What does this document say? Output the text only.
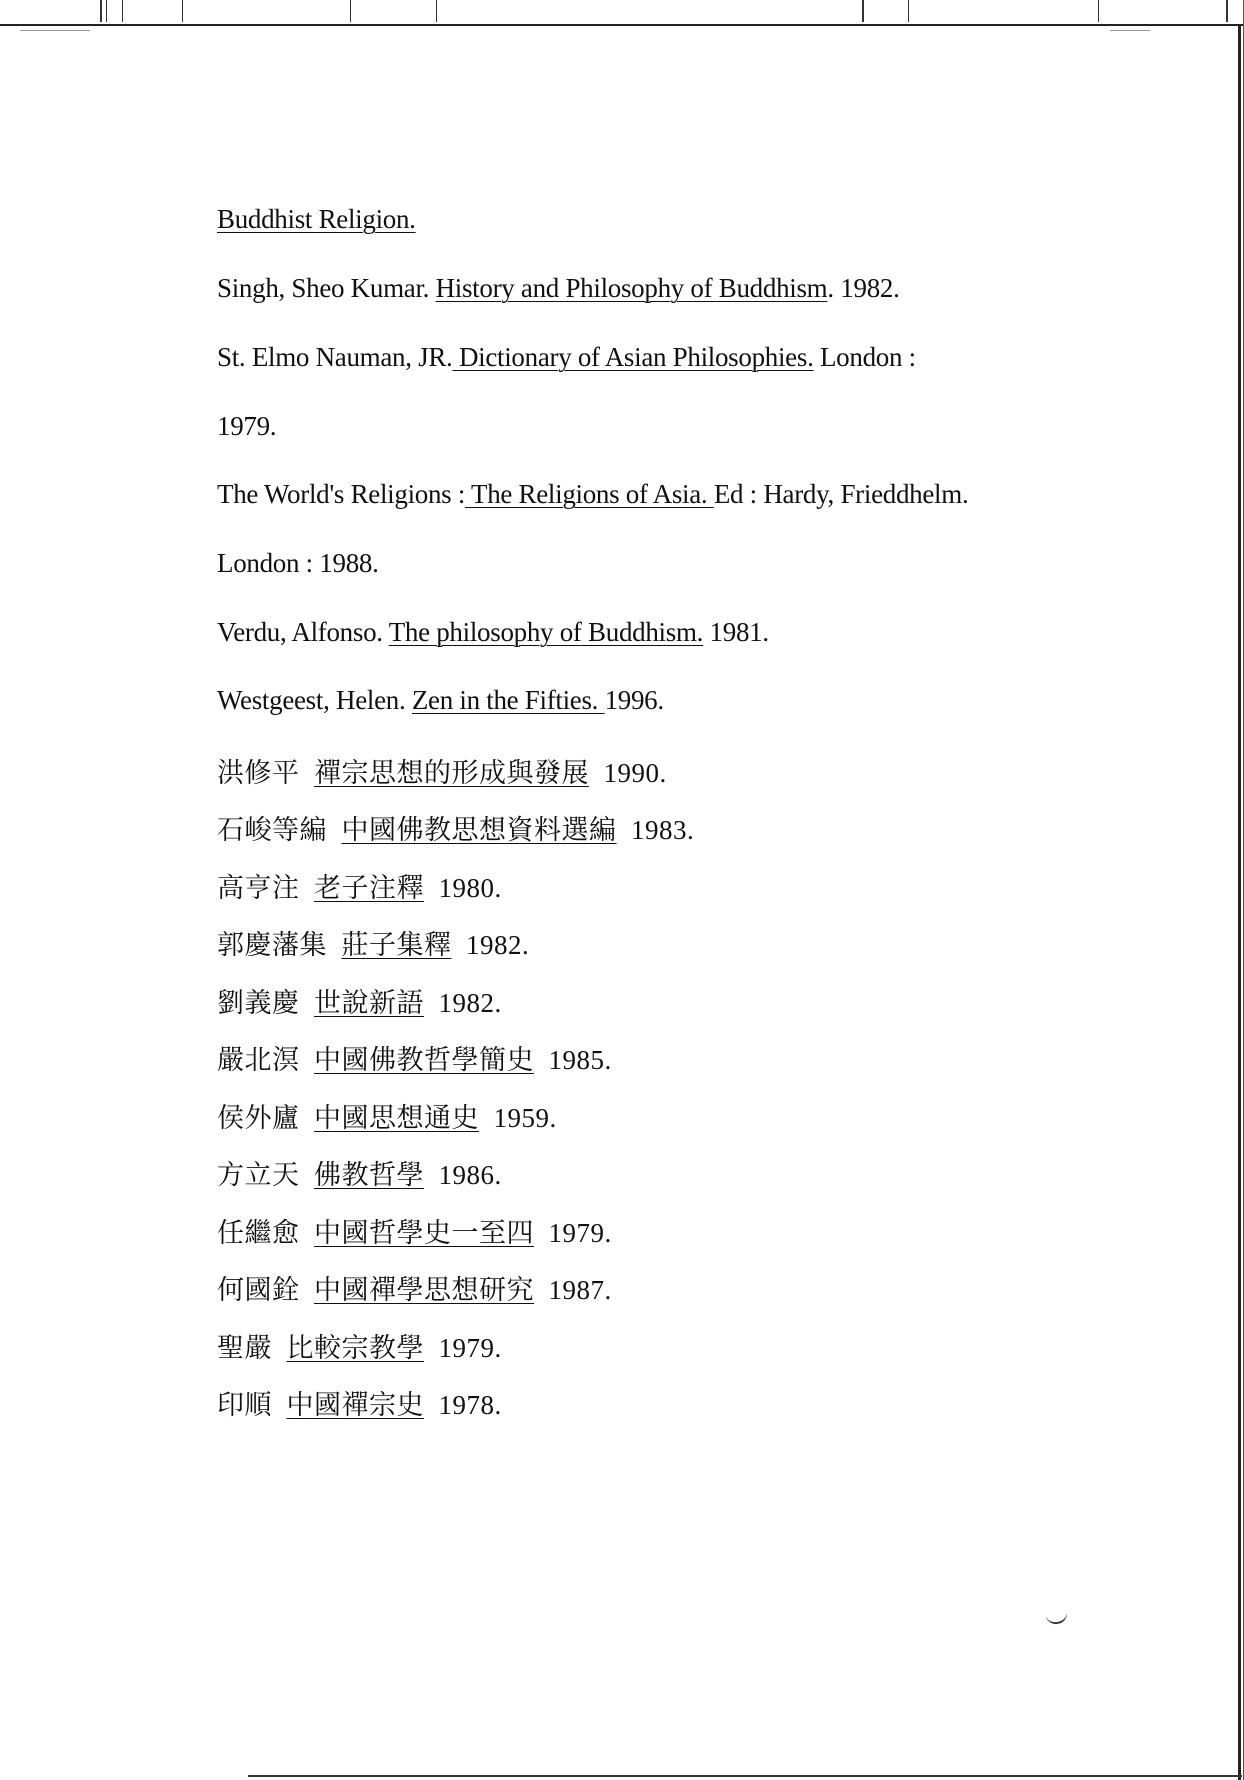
Buddhist Religion.
Singh, Sheo Kumar. History and Philosophy of Buddhism. 1982.
St. Elmo Nauman, JR. Dictionary of Asian Philosophies. London :
1979.
The World's Religions : The Religions of Asia. Ed : Hardy, Frieddhelm.
London : 1988.
Verdu, Alfonso. The philosophy of Buddhism. 1981.
Westgeest, Helen. Zen in the Fifties. 1996.
洪修平  禪宗思想的形成與發展  1990.
石峻等編  中國佛教思想資料選編  1983.
高亨注  老子注釋  1980.
郭慶藩集  莊子集釋  1982.
劉義慶  世說新語  1982.
嚴北溟  中國佛教哲學簡史  1985.
侯外廬  中國思想通史  1959.
方立天  佛教哲學  1986.
任繼愈  中國哲學史一至四  1979.
何國銓  中國禪學思想研究  1987.
聖嚴  比較宗教學  1979.
印順  中國禪宗史  1978.
